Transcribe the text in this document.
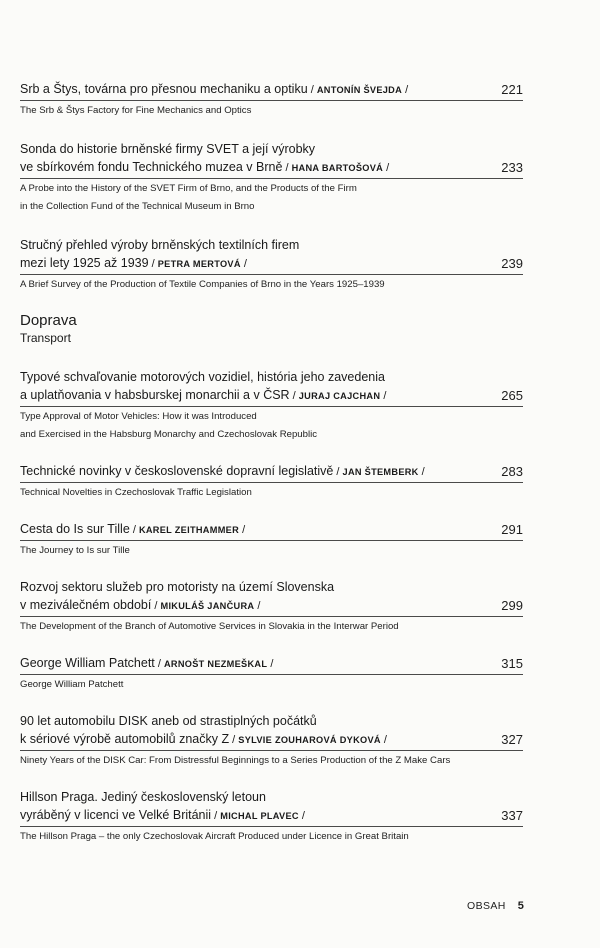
Srb a Štys, továrna pro přesnou mechaniku a optiku / ANTONÍN ŠVEJDA /	221
The Srb & Štys Factory for Fine Mechanics and Optics
Sonda do historie brněnské firmy SVET a její výrobky
ve sbírkovém fondu Technického muzea v Brně / HANA BARTOŠOVÁ /	233
A Probe into the History of the SVET Firm of Brno, and the Products of the Firm
in the Collection Fund of the Technical Museum in Brno
Stručný přehled výroby brněnských textilních firem
mezi lety 1925 až 1939 / PETRA MERTOVÁ /	239
A Brief Survey of the Production of Textile Companies of Brno in the Years 1925–1939
Doprava
Transport
Typové schvaľovanie motorových vozidiel, história jeho zavedenia
a uplatňovania v habsburskej monarchii a v ČSR / JURAJ CAJCHAN /	265
Type Approval of Motor Vehicles: How it was Introduced
and Exercised in the Habsburg Monarchy and Czechoslovak Republic
Technické novinky v československé dopravní legislativě / JAN ŠTEMBERK /	283
Technical Novelties in Czechoslovak Traffic Legislation
Cesta do Is sur Tille / KAREL ZEITHAMMER /	291
The Journey to Is sur Tille
Rozvoj sektoru služeb pro motoristy na území Slovenska
v meziválečném období / MIKULÁŠ JANČURA /	299
The Development of the Branch of Automotive Services in Slovakia in the Interwar Period
George William Patchett / ARNOŠT NEZMEŠKAL /	315
George William Patchett
90 let automobilu DISK aneb od strastiplných počátků
k sériové výrobě automobilů značky Z / SYLVIE ZOUHAROVÁ DYKOVÁ /	327
Ninety Years of the DISK Car: From Distressful Beginnings to a Series Production of the Z Make Cars
Hillson Praga. Jediný československý letoun
vyráběný v licenci ve Velké Británii / MICHAL PLAVEC /	337
The Hillson Praga – the only Czechoslovak Aircraft Produced under Licence in Great Britain
OBSAH 5
